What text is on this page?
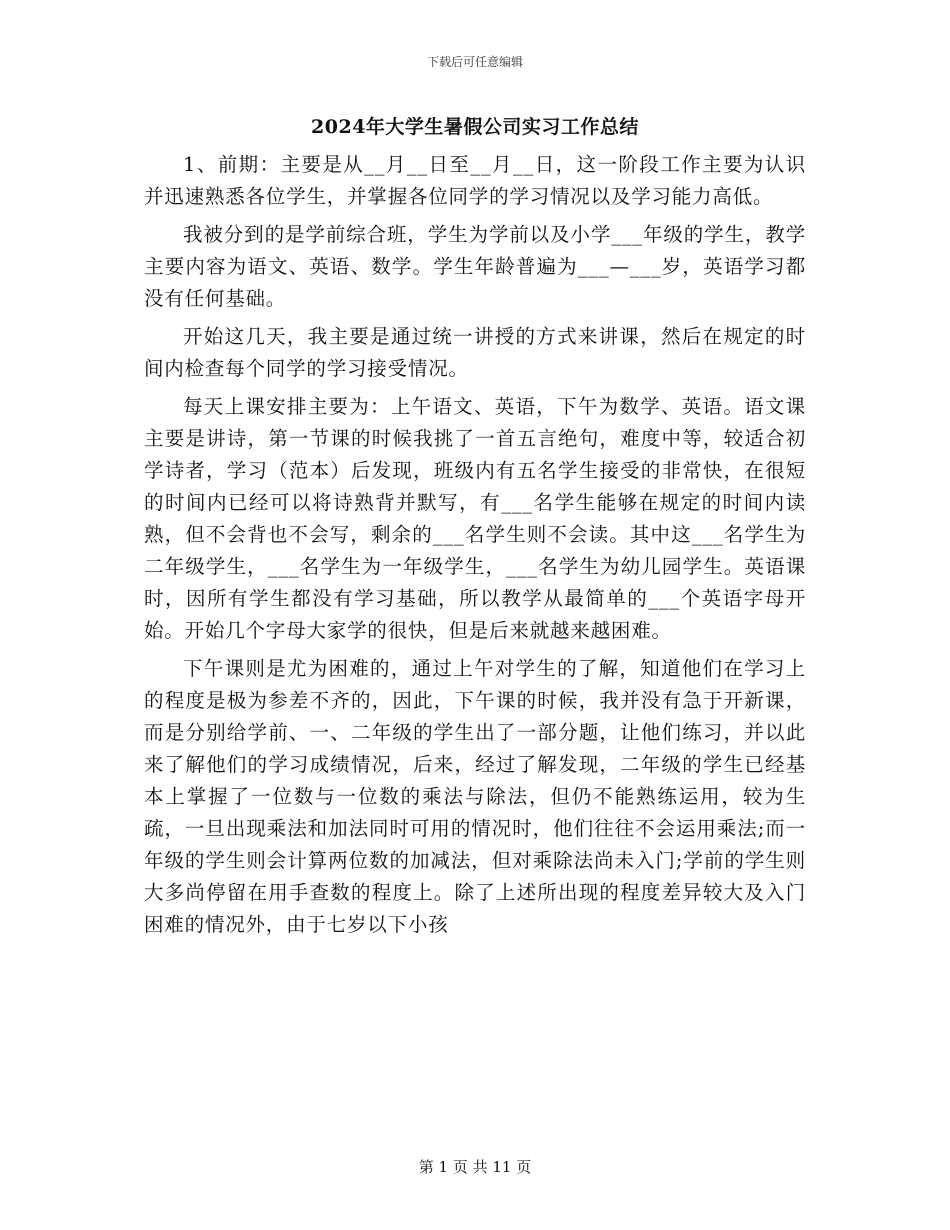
下载后可任意编辑
2024年大学生暑假公司实习工作总结

1、前期：主要是从__月__日至__月__日，这一阶段工作主要为认识并迅速熟悉各位学生，并掌握各位同学的学习情况以及学习能力高低。

我被分到的是学前综合班，学生为学前以及小学___年级的学生，教学主要内容为语文、英语、数学。学生年龄普遍为___—___岁，英语学习都没有任何基础。

开始这几天，我主要是通过统一讲授的方式来讲课，然后在规定的时间内检查每个同学的学习接受情况。

每天上课安排主要为：上午语文、英语，下午为数学、英语。语文课主要是讲诗，第一节课的时候我挑了一首五言绝句，难度中等，较适合初学诗者，学习（范本）后发现，班级内有五名学生接受的非常快，在很短的时间内已经可以将诗熟背并默写，有___名学生能够在规定的时间内读熟，但不会背也不会写，剩余的___名学生则不会读。其中这___名学生为二年级学生，___名学生为一年级学生，___名学生为幼儿园学生。英语课时，因所有学生都没有学习基础，所以教学从最简单的___个英语字母开始。开始几个字母大家学的很快，但是后来就越来越困难。

下午课则是尤为困难的，通过上午对学生的了解，知道他们在学习上的程度是极为参差不齐的，因此，下午课的时候，我并没有急于开新课，而是分别给学前、一、二年级的学生出了一部分题，让他们练习，并以此来了解他们的学习成绩情况，后来，经过了解发现，二年级的学生已经基本上掌握了一位数与一位数的乘法与除法，但仍不能熟练运用，较为生疏，一旦出现乘法和加法同时可用的情况时，他们往往不会运用乘法;而一年级的学生则会计算两位数的加减法，但对乘除法尚未入门;学前的学生则大多尚停留在用手查数的程度上。除了上述所出现的程度差异较大及入门困难的情况外，由于七岁以下小孩

第 1 页 共 11 页
